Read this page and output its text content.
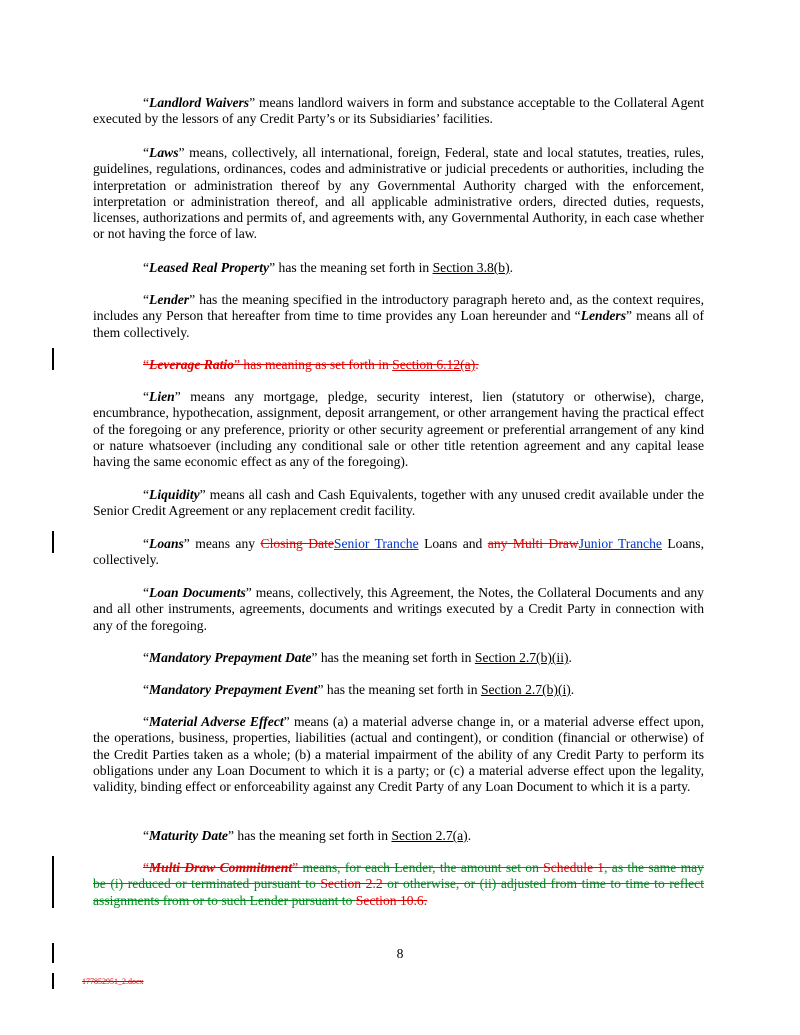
“Landlord Waivers” means landlord waivers in form and substance acceptable to the Collateral Agent executed by the lessors of any Credit Party’s or its Subsidiaries’ facilities.

“Laws” means, collectively, all international, foreign, Federal, state and local statutes, treaties, rules, guidelines, regulations, ordinances, codes and administrative or judicial precedents or authorities, including the interpretation or administration thereof by any Governmental Authority charged with the enforcement, interpretation or administration thereof, and all applicable administrative orders, directed duties, requests, licenses, authorizations and permits of, and agreements with, any Governmental Authority, in each case whether or not having the force of law.

“Leased Real Property” has the meaning set forth in Section 3.8(b).

“Lender” has the meaning specified in the introductory paragraph hereto and, as the context requires, includes any Person that hereafter from time to time provides any Loan hereunder and “Lenders” means all of them collectively.

“Leverage Ratio” has meaning as set forth in Section 6.12(a).

“Lien” means any mortgage, pledge, security interest, lien (statutory or otherwise), charge, encumbrance, hypothecation, assignment, deposit arrangement, or other arrangement having the practical effect of the foregoing or any preference, priority or other security agreement or preferential arrangement of any kind or nature whatsoever (including any conditional sale or other title retention agreement and any capital lease having the same economic effect as any of the foregoing).

“Liquidity” means all cash and Cash Equivalents, together with any unused credit available under the Senior Credit Agreement or any replacement credit facility.

“Loans” means any Closing DateSenior Tranche Loans and any Multi DrawJunior Tranche Loans, collectively.

“Loan Documents” means, collectively, this Agreement, the Notes, the Collateral Documents and any and all other instruments, agreements, documents and writings executed by a Credit Party in connection with any of the foregoing.

“Mandatory Prepayment Date” has the meaning set forth in Section 2.7(b)(ii).

“Mandatory Prepayment Event” has the meaning set forth in Section 2.7(b)(i).

“Material Adverse Effect” means (a) a material adverse change in, or a material adverse effect upon, the operations, business, properties, liabilities (actual and contingent), or condition (financial or otherwise) of the Credit Parties taken as a whole; (b) a material impairment of the ability of any Credit Party to perform its obligations under any Loan Document to which it is a party; or (c) a material adverse effect upon the legality, validity, binding effect or enforceability against any Credit Party of any Loan Document to which it is a party.

“Maturity Date” has the meaning set forth in Section 2.7(a).

“Multi Draw Commitment” means, for each Lender, the amount set on Schedule 1, as the same may be (i) reduced or terminated pursuant to Section 2.2 or otherwise, or (ii) adjusted from time to time to reflect assignments from or to such Lender pursuant to Section 10.6.

8
177852951_2.docx
